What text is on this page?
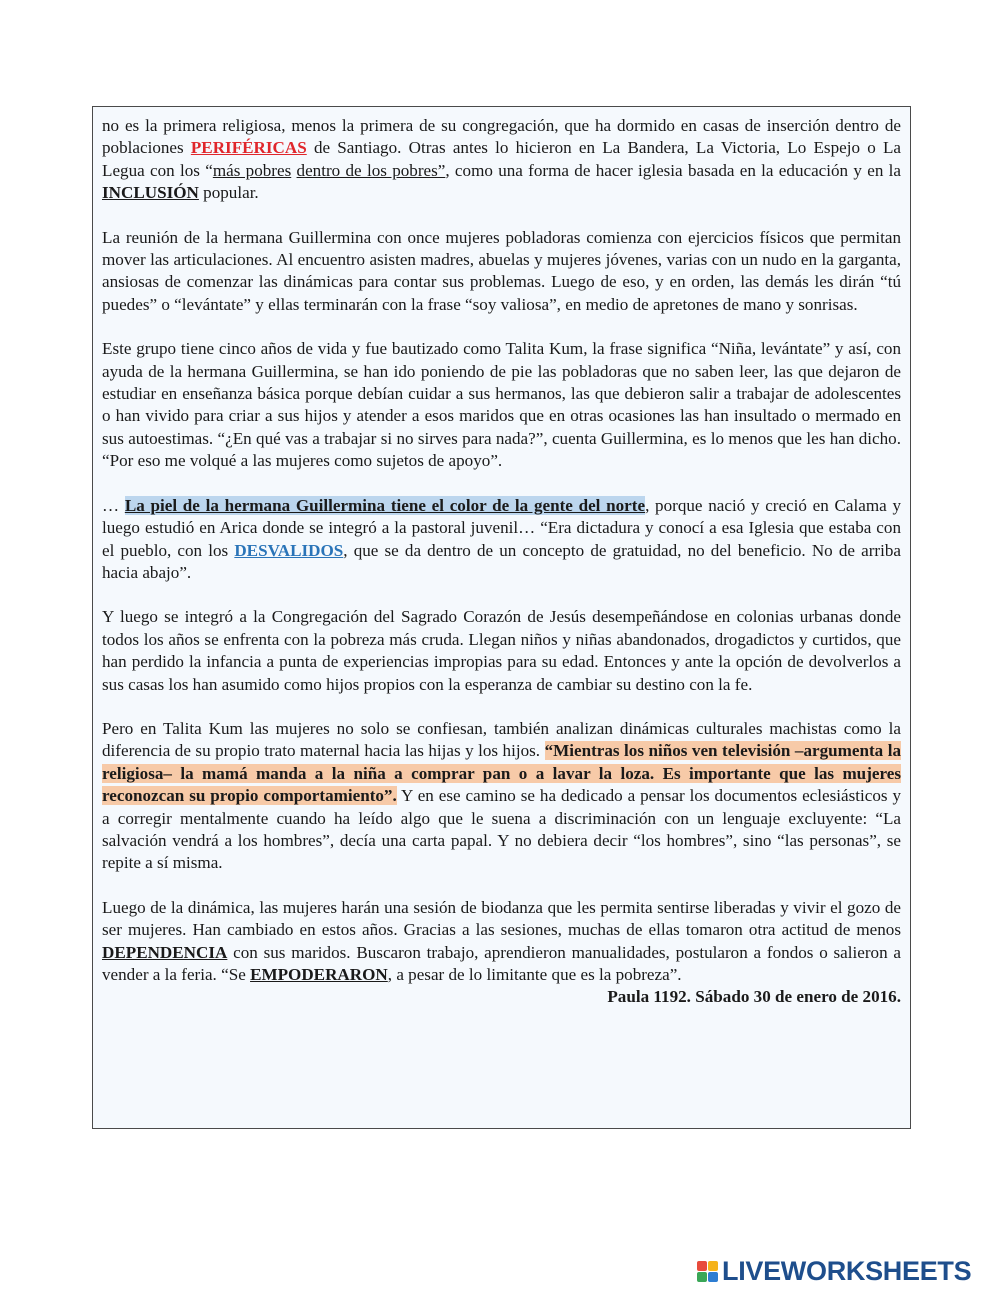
no es la primera religiosa, menos la primera de su congregación, que ha dormido en casas de inserción dentro de poblaciones PERIFÉRICAS de Santiago. Otras antes lo hicieron en La Bandera, La Victoria, Lo Espejo o La Legua con los “más pobres dentro de los pobres”, como una forma de hacer iglesia basada en la educación y en la INCLUSIÓN popular.

La reunión de la hermana Guillermina con once mujeres pobladoras comienza con ejercicios físicos que permitan mover las articulaciones. Al encuentro asisten madres, abuelas y mujeres jóvenes, varias con un nudo en la garganta, ansiosas de comenzar las dinámicas para contar sus problemas. Luego de eso, y en orden, las demás les dirán “tú puedes” o “levántate” y ellas terminarán con la frase “soy valiosa”, en medio de apretones de mano y sonrisas.

Este grupo tiene cinco años de vida y fue bautizado como Talita Kum, la frase significa “Niña, levántate” y así, con ayuda de la hermana Guillermina, se han ido poniendo de pie las pobladoras que no saben leer, las que dejaron de estudiar en enseñanza básica porque debían cuidar a sus hermanos, las que debieron salir a trabajar de adolescentes o han vivido para criar a sus hijos y atender a esos maridos que en otras ocasiones las han insultado o mermado en sus autoestimas. “¿En qué vas a trabajar si no sirves para nada?”, cuenta Guillermina, es lo menos que les han dicho. “Por eso me volqué a las mujeres como sujetos de apoyo”.

… La piel de la hermana Guillermina tiene el color de la gente del norte, porque nació y creció en Calama y luego estudió en Arica donde se integró a la pastoral juvenil… “Era dictadura y conocí a esa Iglesia que estaba con el pueblo, con los DESVALIDOS, que se da dentro de un concepto de gratuidad, no del beneficio. No de arriba hacia abajo”.

Y luego se integró a la Congregación del Sagrado Corazón de Jesús desempeñándose en colonias urbanas donde todos los años se enfrenta con la pobreza más cruda. Llegan niños y niñas abandonados, drogadictos y curtidos, que han perdido la infancia a punta de experiencias impropias para su edad. Entonces y ante la opción de devolverlos a sus casas los han asumido como hijos propios con la esperanza de cambiar su destino con la fe.

Pero en Talita Kum las mujeres no solo se confiesan, también analizan dinámicas culturales machistas como la diferencia de su propio trato maternal hacia las hijas y los hijos. “Mientras los niños ven televisión –argumenta la religiosa– la mamá manda a la niña a comprar pan o a lavar la loza. Es importante que las mujeres reconozcan su propio comportamiento”. Y en ese camino se ha dedicado a pensar los documentos eclesiásticos y a corregir mentalmente cuando ha leído algo que le suena a discriminación con un lenguaje excluyente: “La salvación vendrá a los hombres”, decía una carta papal. Y no debiera decir “los hombres”, sino “las personas”, se repite a sí misma.

Luego de la dinámica, las mujeres harán una sesión de biodanza que les permita sentirse liberadas y vivir el gozo de ser mujeres. Han cambiado en estos años. Gracias a las sesiones, muchas de ellas tomaron otra actitud de menos DEPENDENCIA con sus maridos. Buscaron trabajo, aprendieron manualidades, postularon a fondos o salieron a vender a la feria. “Se EMPODERARON, a pesar de lo limitante que es la pobreza”.

Paula 1192. Sábado 30 de enero de 2016.

LIVEWORKSHEETS
